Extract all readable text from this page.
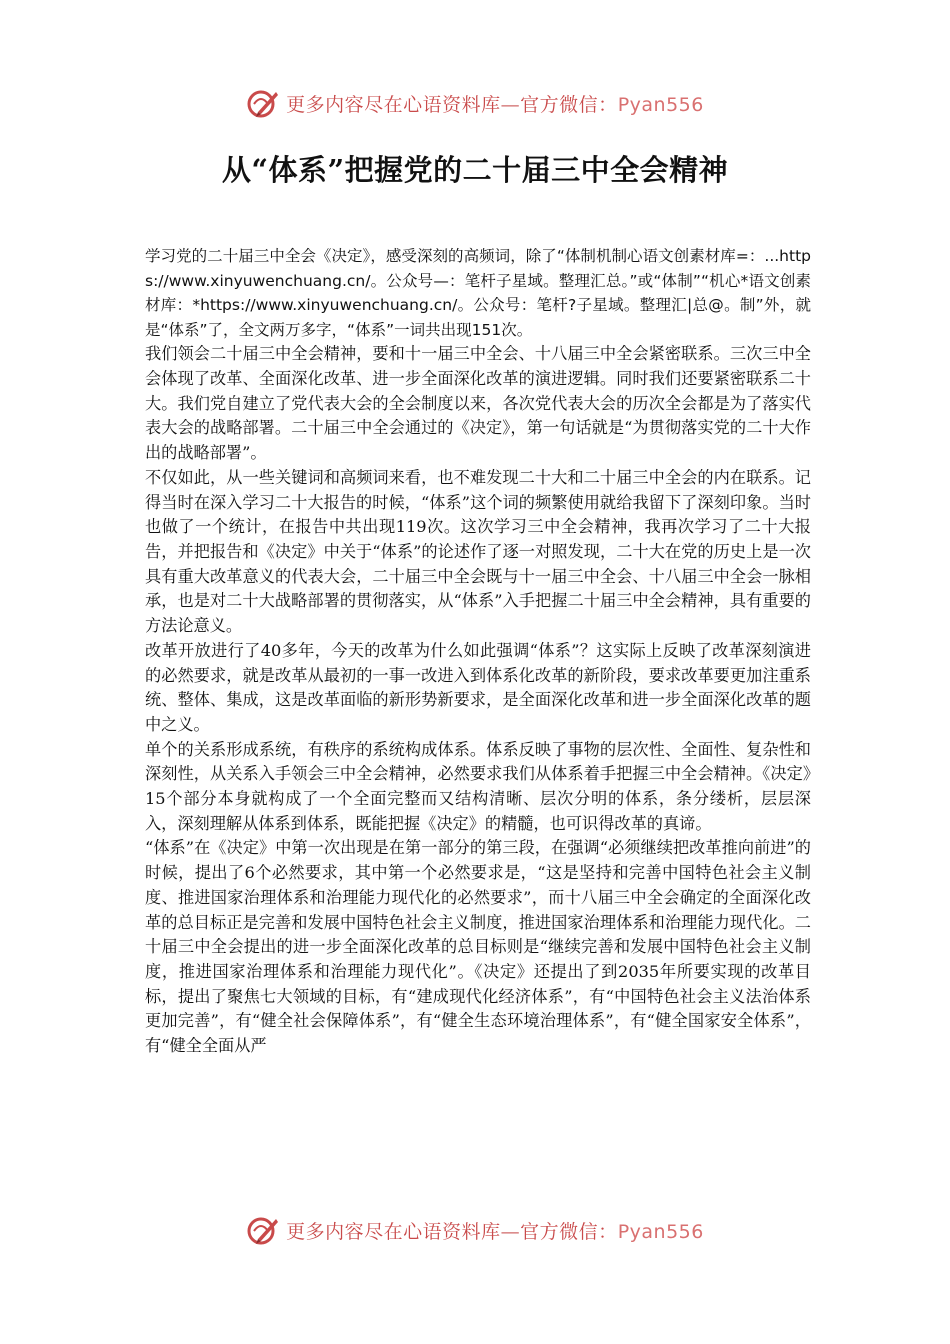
更多内容尽在心语资料库—官方微信：Pyan556
从“体系”把握党的二十届三中全会精神

学习党的二十届三中全会《决定》，感受深刻的高频词，除了“体制机制心语文创素材库=：...https://www.xinyuwenchuang.cn/。公众号—：笔杆子星域。整理汇总。”或“体制”“机心*语文创素材库：*https://www.xinyuwenchuang.cn/。公众号：笔杆?子星域。整理汇|总@。制”外，就是“体系”了，全文两万多字，“体系”一词共出现151次。

我们领会二十届三中全会精神，要和十一届三中全会、十八届三中全会紧密联系。三次三中全会体现了改革、全面深化改革、进一步全面深化改革的演进逻辑。同时我们还要紧密联系二十大。我们党自建立了党代表大会的全会制度以来，各次党代表大会的历次全会都是为了落实代表大会的战略部署。二十届三中全会通过的《决定》，第一句话就是“为贯彻落实党的二十大作出的战略部署”。

不仅如此，从一些关键词和高频词来看，也不难发现二十大和二十届三中全会的内在联系。记得当时在深入学习二十大报告的时候，“体系”这个词的频繁使用就给我留下了深刻印象。当时也做了一个统计，在报告中共出现119次。这次学习三中全会精神，我再次学习了二十大报告，并把报告和《决定》中关于“体系”的论述作了逐一对照发现，二十大在党的历史上是一次具有重大改革意义的代表大会，二十届三中全会既与十一届三中全会、十八届三中全会一脉相承，也是对二十大战略部署的贯彻落实，从“体系”入手把握二十届三中全会精神，具有重要的方法论意义。

改革开放进行了40多年，今天的改革为什么如此强调“体系”？这实际上反映了改革深刻演进的必然要求，就是改革从最初的一事一改进入到体系化改革的新阶段，要求改革要更加注重系统、整体、集成，这是改革面临的新形势新要求，是全面深化改革和进一步全面深化改革的题中之义。

单个的关系形成系统，有秩序的系统构成体系。体系反映了事物的层次性、全面性、复杂性和深刻性，从关系入手领会三中全会精神，必然要求我们从体系着手把握三中全会精神。《决定》15个部分本身就构成了一个全面完整而又结构清晰、层次分明的体系，条分缕析，层层深入，深刻理解从体系到体系，既能把握《决定》的精髓，也可识得改革的真谛。

“体系”在《决定》中第一次出现是在第一部分的第三段，在强调“必须继续把改革推向前进”的时候，提出了6个必然要求，其中第一个必然要求是，“这是坚持和完善中国特色社会主义制度、推进国家治理体系和治理能力现代化的必然要求”，而十八届三中全会确定的全面深化改革的总目标正是完善和发展中国特色社会主义制度，推进国家治理体系和治理能力现代化。二十届三中全会提出的进一步全面深化改革的总目标则是“继续完善和发展中国特色社会主义制度，推进国家治理体系和治理能力现代化”。《决定》还提出了到2035年所要实现的改革目标，提出了聚焦七大领域的目标，有“建成现代化经济体系”，有“中国特色社会主义法治体系更加完善”，有“健全社会保障体系”，有“健全生态环境治理体系”，有“健全国家安全体系”，有“健全全面从严

更多内容尽在心语资料库—官方微信：Pyan556
